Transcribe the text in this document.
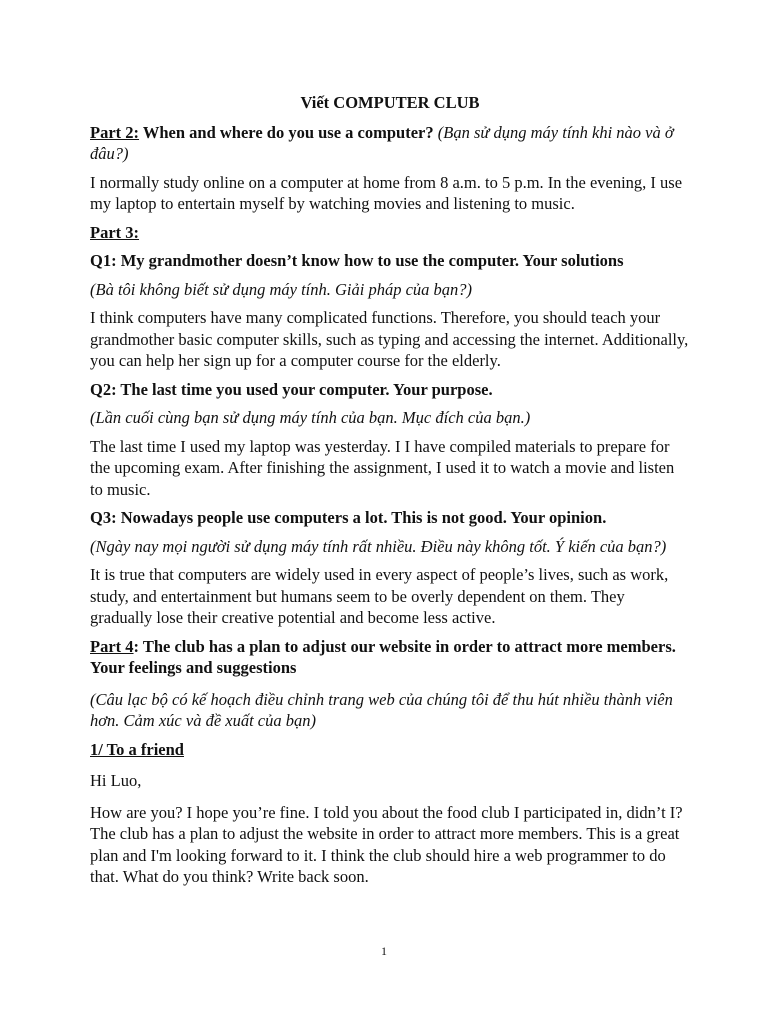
Viết COMPUTER CLUB

Part 2: When and where do you use a computer? (Bạn sử dụng máy tính khi nào và ở đâu?)

I normally study online on a computer at home from 8 a.m. to 5 p.m. In the evening, I use my laptop to entertain myself by watching movies and listening to music.

Part 3:

Q1: My grandmother doesn’t know how to use the computer. Your solutions

(Bà tôi không biết sử dụng máy tính. Giải pháp của bạn?)

I think computers have many complicated functions. Therefore, you should teach your grandmother basic computer skills, such as typing and accessing the internet. Additionally, you can help her sign up for a computer course for the elderly.

Q2: The last time you used your computer. Your purpose.

(Lần cuối cùng bạn sử dụng máy tính của bạn. Mục đích của bạn.)

The last time I used my laptop was yesterday. I I have compiled materials to prepare for the upcoming exam. After finishing the assignment, I used it to watch a movie and listen to music.

Q3: Nowadays people use computers a lot. This is not good. Your opinion.

(Ngày nay mọi người sử dụng máy tính rất nhiều. Điều này không tốt. Ý kiến của bạn?)

It is true that computers are widely used in every aspect of people’s lives, such as work, study, and entertainment but humans seem to be overly dependent on them. They gradually lose their creative potential and become less active.

Part 4: The club has a plan to adjust our website in order to attract more members. Your feelings and suggestions

(Câu lạc bộ có kế hoạch điều chỉnh trang web của chúng tôi để thu hút nhiều thành viên hơn. Cảm xúc và đề xuất của bạn)

1/ To a friend

Hi Luo,

How are you? I hope you’re fine. I told you about the food club I participated in, didn’t I? The club has a plan to adjust the website in order to attract more members. This is a great plan and I'm looking forward to it. I think the club should hire a web programmer to do that. What do you think? Write back soon.

1
